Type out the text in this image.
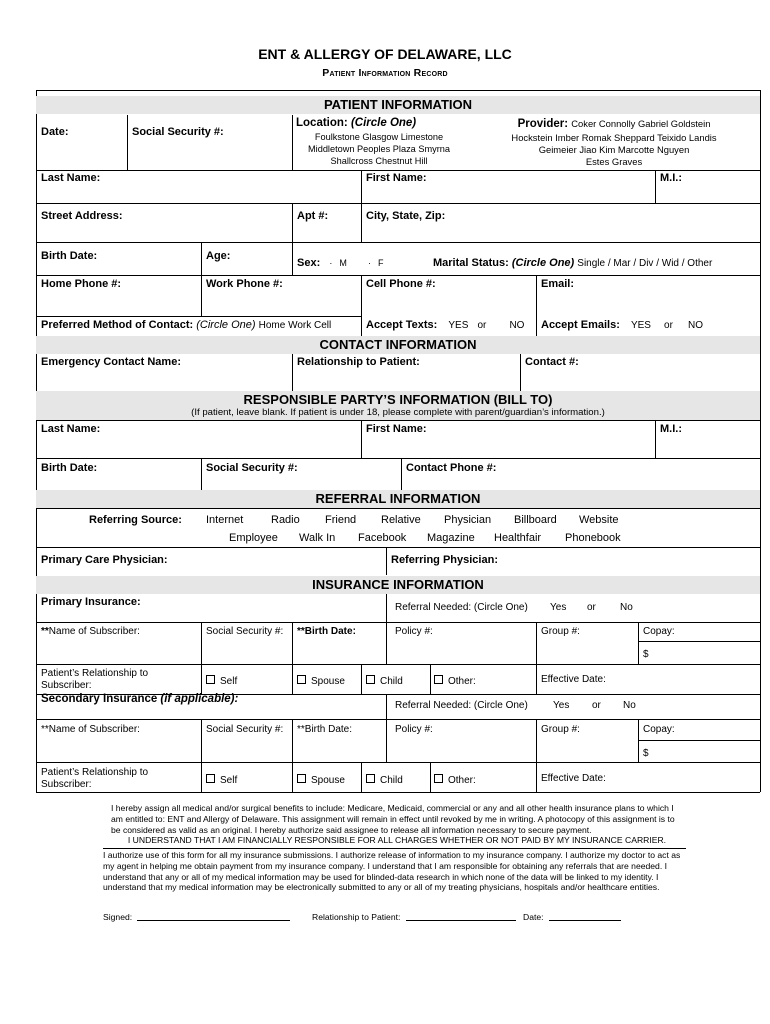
ENT & ALLERGY OF DELAWARE, LLC
Patient Information Record
PATIENT INFORMATION
Date:	Social Security #:
Location: (Circle One)
Foulkstone Glasgow Limestone
Middletown Peoples Plaza Smyrna
Shallcross Chestnut Hill
Provider: Coker Connolly Gabriel Goldstein
Hockstein Imber Romak Sheppard Teixido Landis
Geimeier Jiao Kim Marcotte Nguyen
Estes Graves
Last Name:	First Name:	M.I.:
Street Address:	Apt #:	City, State, Zip:
Birth Date:	Age:
Sex: · M · F	Marital Status: (Circle One) Single / Mar / Div / Wid / Other
Home Phone #:	Work Phone #:	Cell Phone #:	Email:
Preferred Method of Contact: (Circle One) Home Work Cell	Accept Texts: YES or NO Accept Emails: YES or NO
CONTACT INFORMATION
Emergency Contact Name:	Relationship to Patient:	Contact #:
RESPONSIBLE PARTY’S INFORMATION (BILL TO)
(If patient, leave blank. If patient is under 18, please complete with parent/guardian’s information.)
Last Name:	First Name:	M.I.:
Birth Date:	Social Security #:	Contact Phone #:
REFERRAL INFORMATION
Referring Source: Internet	Radio Friend Relative Physician Billboard Website
Employee Walk In Facebook Magazine Healthfair Phonebook
Primary Care Physician:	Referring Physician:
INSURANCE INFORMATION
Primary Insurance:	Referral Needed: (Circle One) Yes or No
**Name of Subscriber:	Social Security #: **Birth Date:	Policy #:	Group #:	Copay:
$
Patient’s Relationship to Subscriber:	Self	Spouse	Child	Other:	Effective Date:
Secondary Insurance (if applicable):
Referral Needed: (Circle One)	Yes or No
**Name of Subscriber:	Social Security #: **Birth Date:	Policy #:	Group #:	Copay:
$
Patient’s Relationship to Subscriber:	Self	Spouse	Child	Other:	Effective Date:
I hereby assign all medical and/or surgical benefits to include: Medicare, Medicaid, commercial or any and all other health insurance plans to which I am entitled to: ENT and Allergy of Delaware. This assignment will remain in effect until revoked by me in writing. A photocopy of this assignment is to be considered as valid as an original. I hereby authorize said assignee to release all information necessary to secure payment.

I UNDERSTAND THAT I AM FINANCIALLY RESPONSIBLE FOR ALL CHARGES WHETHER OR NOT PAID BY MY INSURANCE CARRIER.
I authorize use of this form for all my insurance submissions. I authorize release of information to my insurance company. I authorize my doctor to act as my agent in helping me obtain payment from my insurance company. I understand that I am responsible for obtaining any referrals that are needed. I understand that any or all of my medical information may be used for blinded-data research in which none of the data will be linked to my identity. I understand that my medical information may be electronically submitted to any or all of my treating physicians, hospitals and/or healthcare entities.
Signed:	Relationship to Patient:	Date:
